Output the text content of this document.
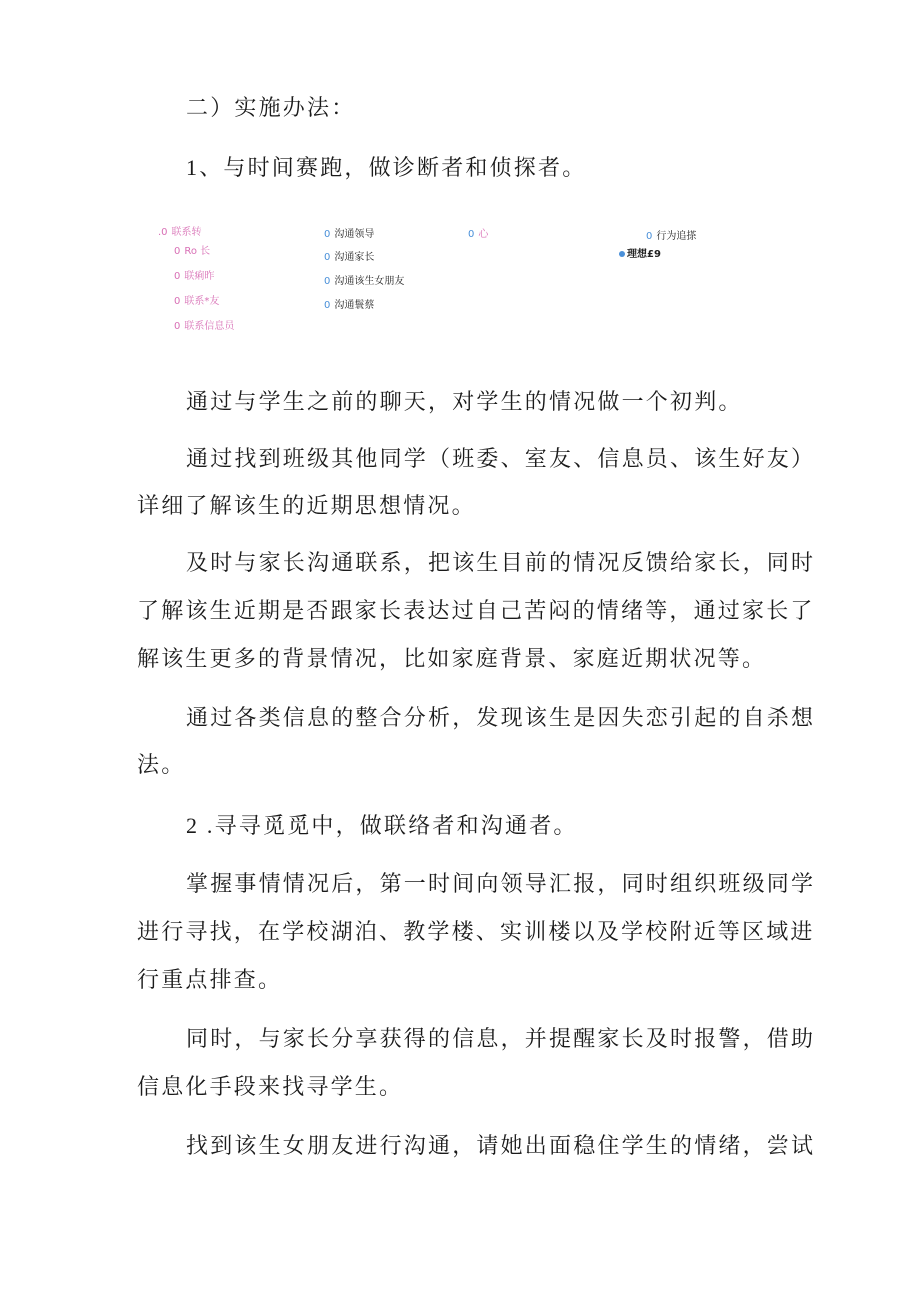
二）实施办法：
1、与时间赛跑，做诊断者和侦探者。
.0 联系转
0 Ro 长
0 联痢昨
0 联系*友
0 联系信息员
0 沟通领导
0 沟通家长
0 沟通该生女朋友
0 沟通鬟蔡
0 心	0 行为追搽
理想£9
通过与学生之前的聊天，对学生的情况做一个初判。
通过找到班级其他同学（班委、室友、信息员、该生好友）
详细了解该生的近期思想情况。
及时与家长沟通联系，把该生目前的情况反馈给家长，同时
了解该生近期是否跟家长表达过自己苦闷的情绪等，通过家长了
解该生更多的背景情况，比如家庭背景、家庭近期状况等。
通过各类信息的整合分析，发现该生是因失恋引起的自杀想
法。
2 .寻寻觅觅中，做联络者和沟通者。
掌握事情情况后，第一时间向领导汇报，同时组织班级同学
进行寻找，在学校湖泊、教学楼、实训楼以及学校附近等区域进
行重点排查。
同时，与家长分享获得的信息，并提醒家长及时报警，借助
信息化手段来找寻学生。
找到该生女朋友进行沟通，请她出面稳住学生的情绪，尝试
